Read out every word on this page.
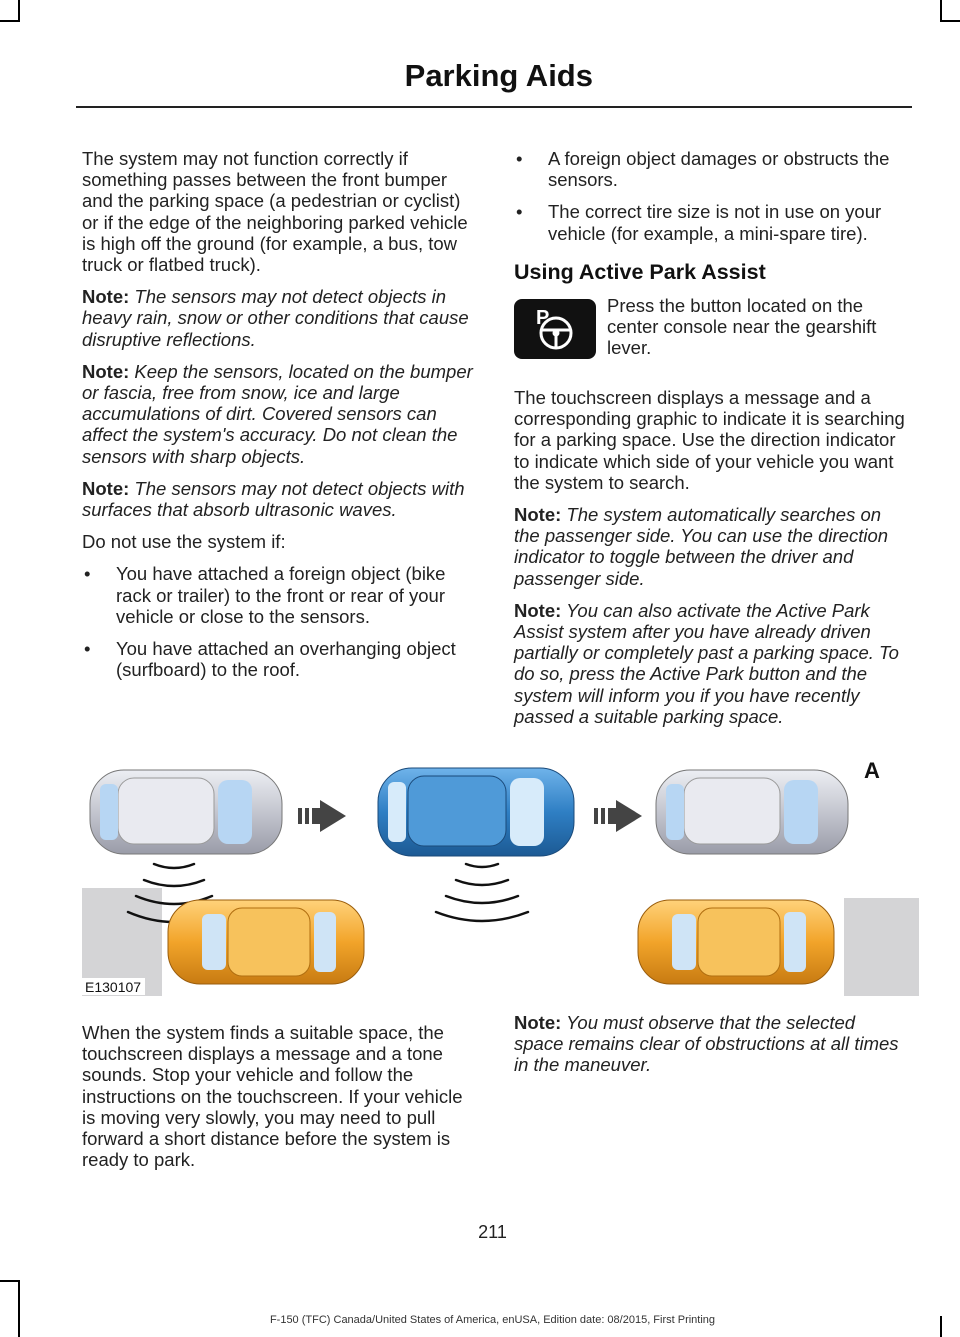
Parking Aids

The system may not function correctly if something passes between the front bumper and the parking space (a pedestrian or cyclist) or if the edge of the neighboring parked vehicle is high off the ground (for example, a bus, tow truck or flatbed truck).

Note: The sensors may not detect objects in heavy rain, snow or other conditions that cause disruptive reflections.

Note: Keep the sensors, located on the bumper or fascia, free from snow, ice and large accumulations of dirt. Covered sensors can affect the system's accuracy. Do not clean the sensors with sharp objects.

Note: The sensors may not detect objects with surfaces that absorb ultrasonic waves.

Do not use the system if:

• You have attached a foreign object (bike rack or trailer) to the front or rear of your vehicle or close to the sensors.
• You have attached an overhanging object (surfboard) to the roof.
• A foreign object damages or obstructs the sensors.
• The correct tire size is not in use on your vehicle (for example, a mini-spare tire).
Using Active Park Assist
P
Press the button located on the center console near the gearshift lever.

The touchscreen displays a message and a corresponding graphic to indicate it is searching for a parking space. Use the direction indicator to indicate which side of your vehicle you want the system to search.

Note: The system automatically searches on the passenger side. You can use the direction indicator to toggle between the driver and passenger side.

Note: You can also activate the Active Park Assist system after you have already driven partially or completely past a parking space. To do so, press the Active Park button and the system will inform you if you have recently passed a suitable parking space.

A
E130107

When the system finds a suitable space, the touchscreen displays a message and a tone sounds. Stop your vehicle and follow the instructions on the touchscreen. If your vehicle is moving very slowly, you may need to pull forward a short distance before the system is ready to park.

Note: You must observe that the selected space remains clear of obstructions at all times in the maneuver.

211
F-150 (TFC) Canada/United States of America, enUSA, Edition date: 08/2015, First Printing
